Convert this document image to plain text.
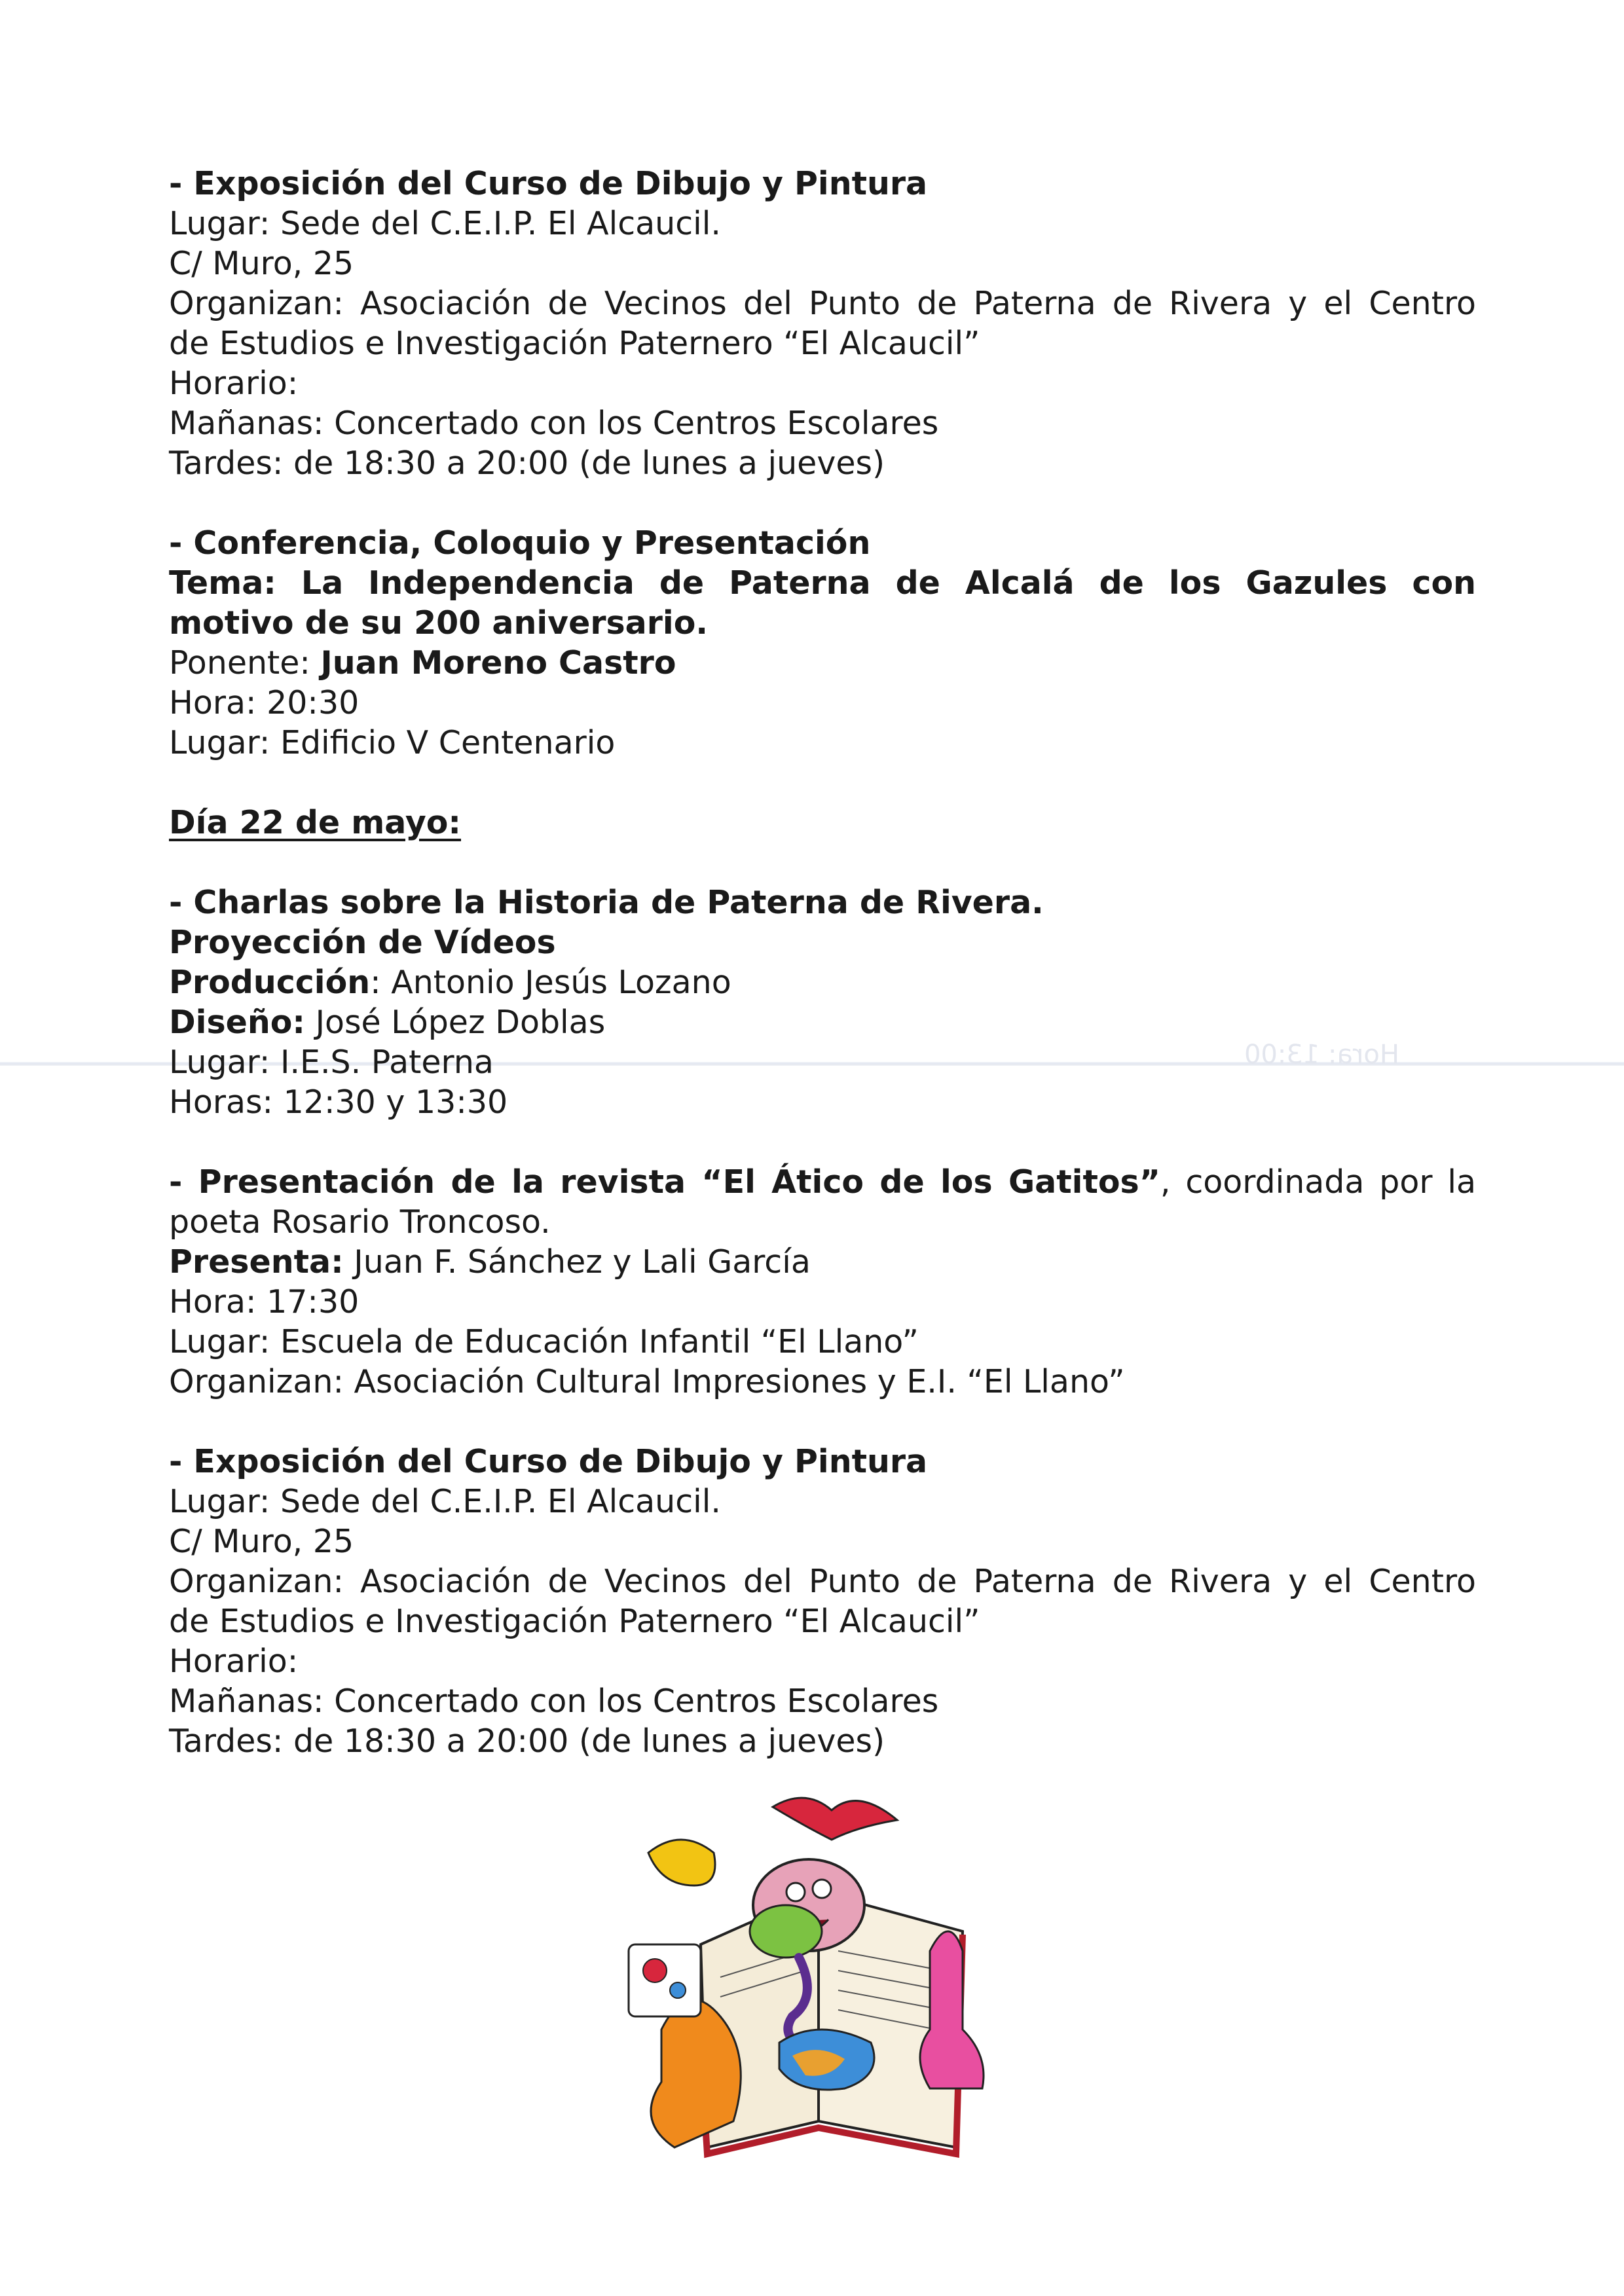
Hora: 13:00
- Exposición del Curso de Dibujo y Pintura
Lugar: Sede del C.E.I.P. El Alcaucil.
C/ Muro, 25
Organizan: Asociación de Vecinos del Punto de Paterna de Rivera y el Centro
de Estudios e Investigación Paternero “El Alcaucil”
Horario:
Mañanas: Concertado con los Centros Escolares
Tardes: de 18:30 a 20:00 (de lunes a jueves)
- Conferencia, Coloquio y Presentación
Tema: La Independencia de Paterna de Alcalá de los Gazules con
motivo de su 200 aniversario.
Ponente: Juan Moreno Castro
Hora: 20:30
Lugar: Edificio V Centenario
Día 22 de mayo:
- Charlas sobre la Historia de Paterna de Rivera.
Proyección de Vídeos
Producción: Antonio Jesús Lozano
Diseño: José López Doblas
Lugar: I.E.S. Paterna
Horas: 12:30 y 13:30
- Presentación de la revista “El Ático de los Gatitos”, coordinada por la
poeta Rosario Troncoso.
Presenta: Juan F. Sánchez y Lali García
Hora: 17:30
Lugar: Escuela de Educación Infantil “El Llano”
Organizan: Asociación Cultural Impresiones y E.I. “El Llano”
- Exposición del Curso de Dibujo y Pintura
Lugar: Sede del C.E.I.P. El Alcaucil.
C/ Muro, 25
Organizan: Asociación de Vecinos del Punto de Paterna de Rivera y el Centro
de Estudios e Investigación Paternero “El Alcaucil”
Horario:
Mañanas: Concertado con los Centros Escolares
Tardes: de 18:30 a 20:00 (de lunes a jueves)
